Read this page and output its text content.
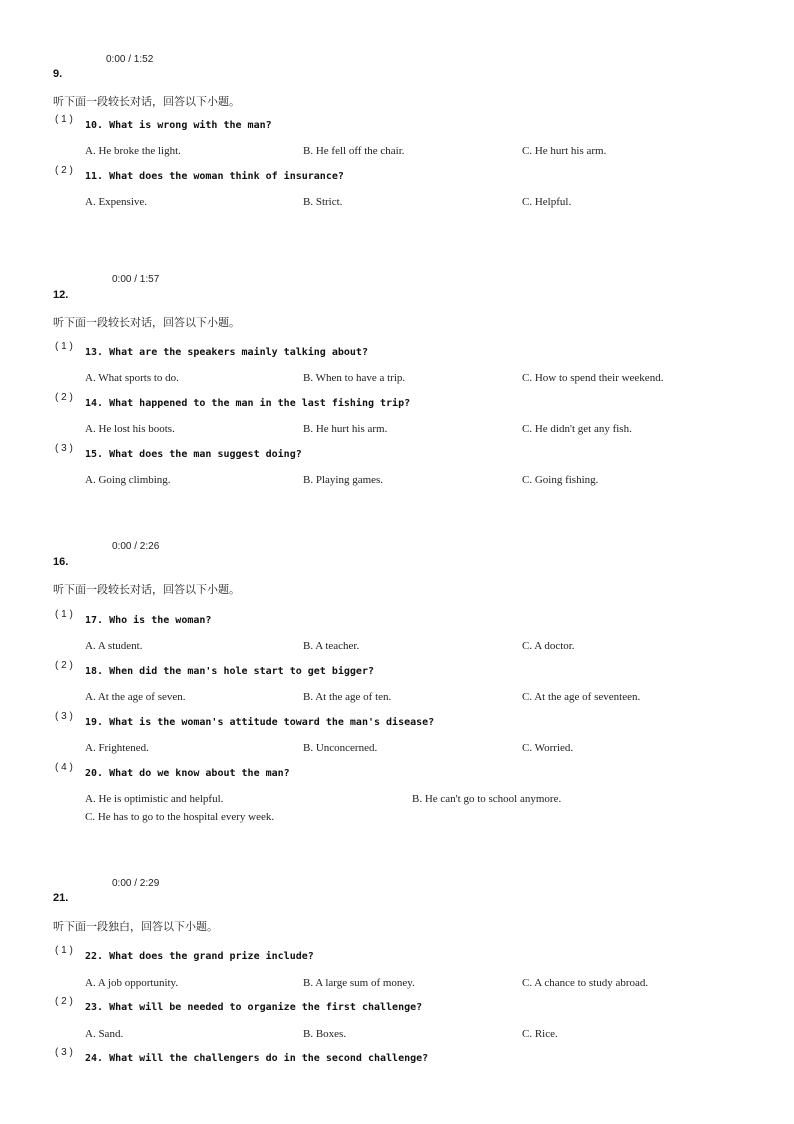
0:00 / 1:52
9.
听下面一段较长对话，回答以下小题。
( 1 )
10. What is wrong with the man?
A. He broke the light.	B. He fell off the chair.	C. He hurt his arm.
( 2 )
11. What does the woman think of insurance?
A. Expensive.	B. Strict.	C. Helpful.
0:00 / 1:57
12.
听下面一段较长对话，回答以下小题。
( 1 )
13. What are the speakers mainly talking about?
A. What sports to do.	B. When to have a trip.	C. How to spend their weekend.
( 2 )
14. What happened to the man in the last fishing trip?
A. He lost his boots.	B. He hurt his arm.	C. He didn't get any fish.
( 3 )
15. What does the man suggest doing?
A. Going climbing.	B. Playing games.	C. Going fishing.
0:00 / 2:26
16.
听下面一段较长对话，回答以下小题。
( 1 )
17. Who is the woman?
A. A student.	B. A teacher.	C. A doctor.
( 2 )
18. When did the man's hole start to get bigger?
A. At the age of seven.	B. At the age of ten.	C. At the age of seventeen.
( 3 )
19. What is the woman's attitude toward the man's disease?
A. Frightened.	B. Unconcerned.	C. Worried.
( 4 )
20. What do we know about the man?
A. He is optimistic and helpful.	B. He can't go to school anymore.
C. He has to go to the hospital every week.
0:00 / 2:29
21.
听下面一段独白，回答以下小题。
( 1 )
22. What does the grand prize include?
A. A job opportunity.	B. A large sum of money.	C. A chance to study abroad.
( 2 )
23. What will be needed to organize the first challenge?
A. Sand.	B. Boxes.	C. Rice.
( 3 )
24. What will the challengers do in the second challenge?
